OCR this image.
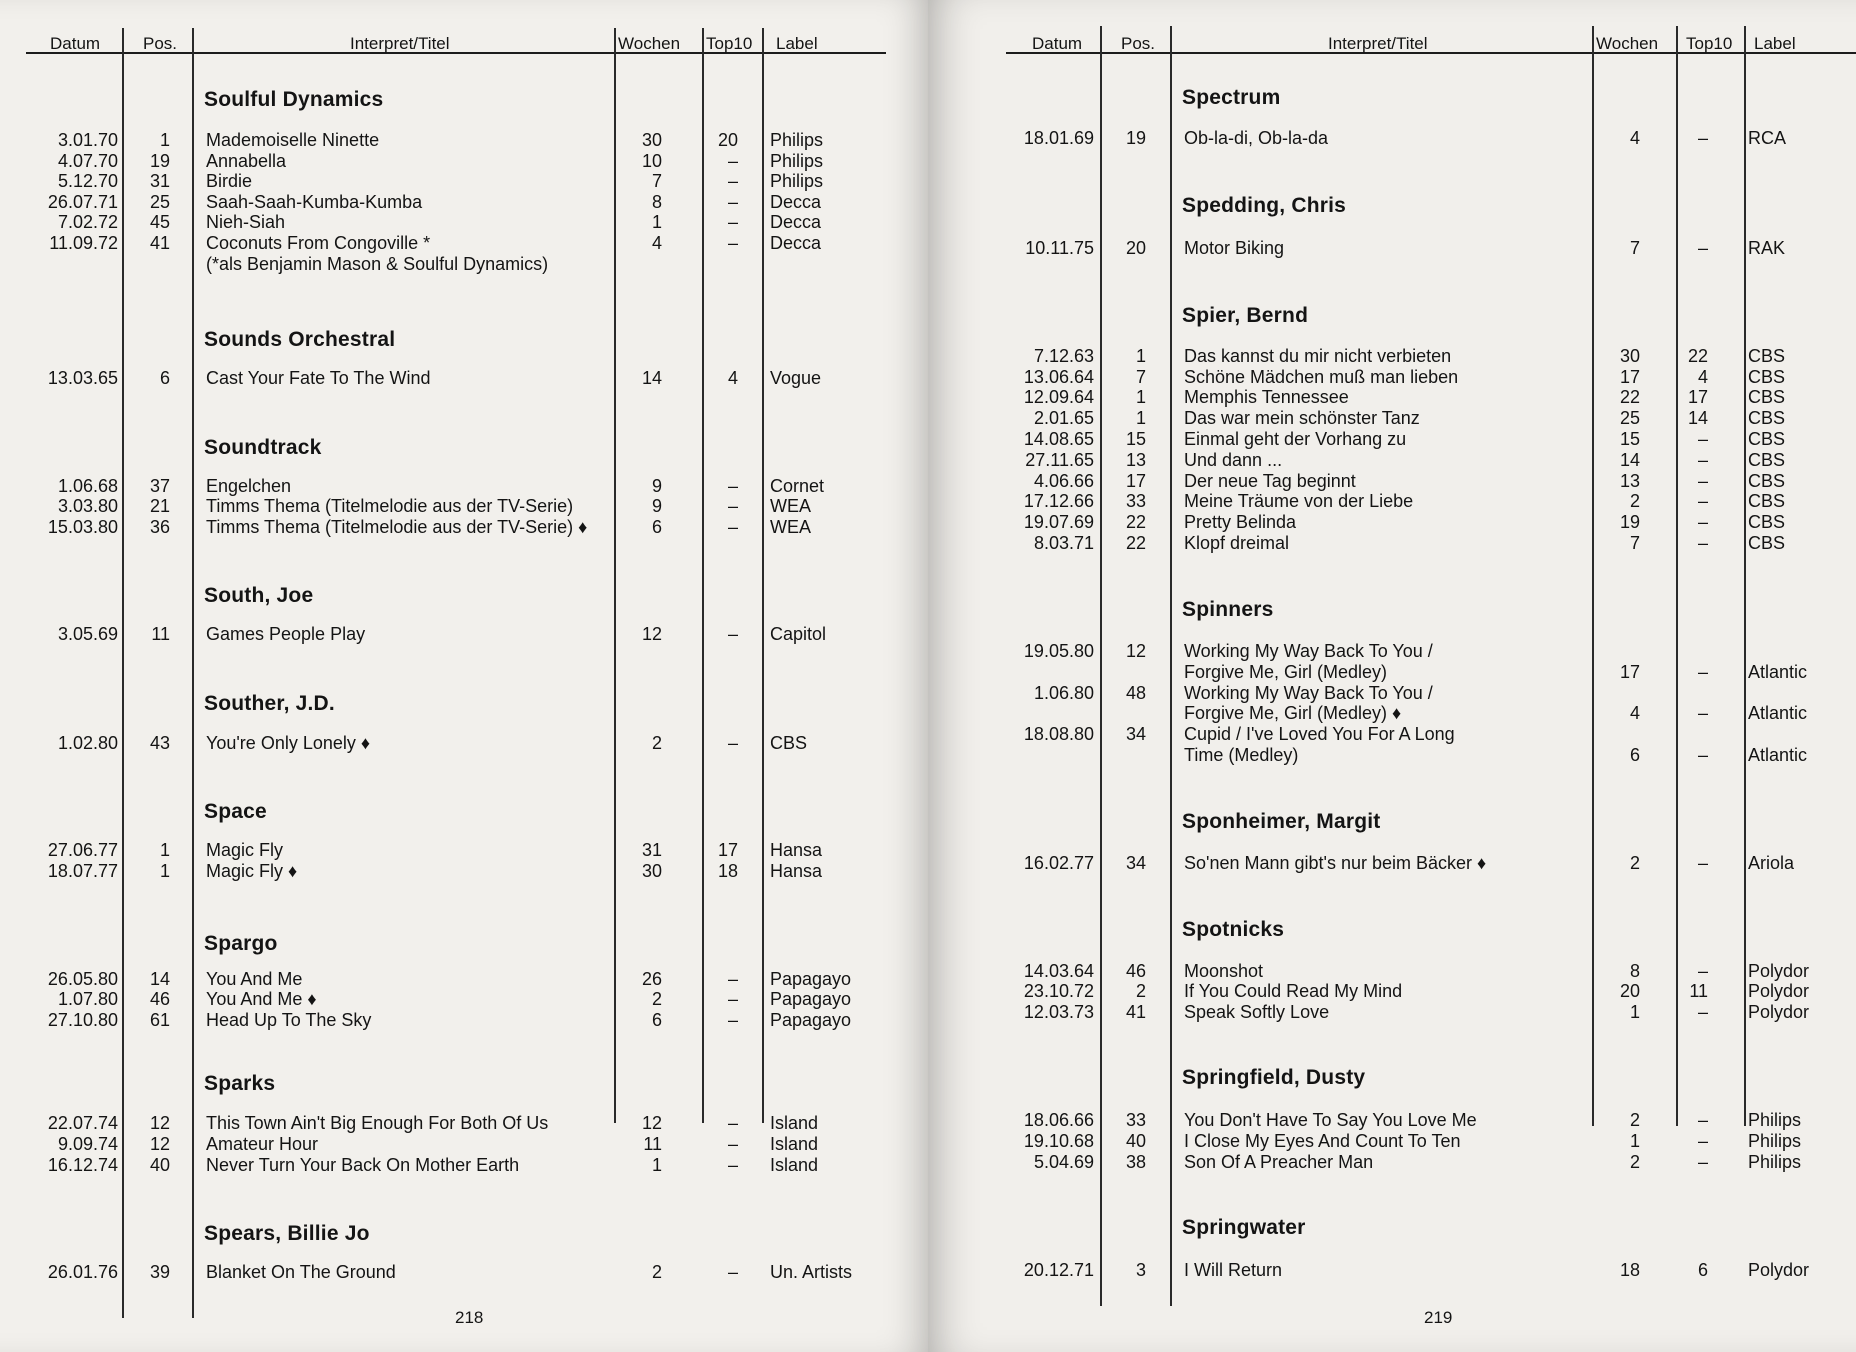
Datum	Pos.	Interpret/Titel	Wochen Top10 Label
Soulful Dynamics
3.01.70 1 Mademoiselle Ninette	30	20 Philips
4.07.70 19 Annabella	10	– Philips
5.12.70 31 Birdie	7	– Philips
26.07.71 25 Saah-Saah-Kumba-Kumba	8	– Decca
7.02.72 45 Nieh-Siah	1	– Decca
11.09.72 41 Coconuts From Congoville *	4	– Decca
(*als Benjamin Mason & Soulful Dynamics)
Sounds Orchestral
13.03.65 6 Cast Your Fate To The Wind	14	4 Vogue
Soundtrack
1.06.68 37 Engelchen	9	– Cornet
3.03.80 21 Timms Thema (Titelmelodie aus der TV-Serie)	9	– WEA
15.03.80 36 Timms Thema (Titelmelodie aus der TV-Serie) ♦	6	– WEA
South, Joe
3.05.69 11 Games People Play	12	– Capitol
Souther, J.D.
1.02.80 43 You're Only Lonely ♦	2	– CBS
Space
27.06.77 1 Magic Fly	31	17 Hansa
18.07.77 1 Magic Fly ♦	30	18 Hansa
Spargo
26.05.80 14 You And Me	26	– Papagayo
1.07.80 46 You And Me ♦	2	– Papagayo
27.10.80 61 Head Up To The Sky	6	– Papagayo
Sparks
22.07.74 12 This Town Ain't Big Enough For Both Of Us	12	– Island
9.09.74 12 Amateur Hour	11	– Island
16.12.74 40 Never Turn Your Back On Mother Earth	1	– Island
Spears, Billie Jo
26.01.76 39 Blanket On The Ground	2	– Un. Artists
218
Datum Pos.	Interpret/Titel	Wochen Top10 Label
Spectrum
18.01.69 19 Ob-la-di, Ob-la-da	4	– RCA
Spedding, Chris
10.11.75 20 Motor Biking	7	– RAK
Spier, Bernd
7.12.63 1 Das kannst du mir nicht verbieten	30	22 CBS
13.06.64 7 Schöne Mädchen muß man lieben	17	4 CBS
12.09.64 1 Memphis Tennessee	22	17 CBS
2.01.65 1 Das war mein schönster Tanz	25	14 CBS
14.08.65 15 Einmal geht der Vorhang zu	15	– CBS
27.11.65 13 Und dann ...	14	– CBS
4.06.66 17 Der neue Tag beginnt	13	– CBS
17.12.66 33 Meine Träume von der Liebe	2	– CBS
19.07.69 22 Pretty Belinda	19	– CBS
8.03.71 22 Klopf dreimal	7	– CBS
Spinners
19.05.80 12 Working My Way Back To You /
Forgive Me, Girl (Medley)	17	– Atlantic
1.06.80 48 Working My Way Back To You /
Forgive Me, Girl (Medley) ♦	4	– Atlantic
18.08.80 34 Cupid / I've Loved You For A Long
Time (Medley)	6	– Atlantic
Sponheimer, Margit
16.02.77 34 So'nen Mann gibt's nur beim Bäcker ♦	2	– Ariola
Spotnicks
14.03.64 46 Moonshot	8	– Polydor
23.10.72 2 If You Could Read My Mind	20	11 Polydor
12.03.73 41 Speak Softly Love	1	– Polydor
Springfield, Dusty
18.06.66 33 You Don't Have To Say You Love Me	2	– Philips
19.10.68 40 I Close My Eyes And Count To Ten	1	– Philips
5.04.69 38 Son Of A Preacher Man	2	– Philips
Springwater
20.12.71 3 I Will Return	18	6 Polydor
219
